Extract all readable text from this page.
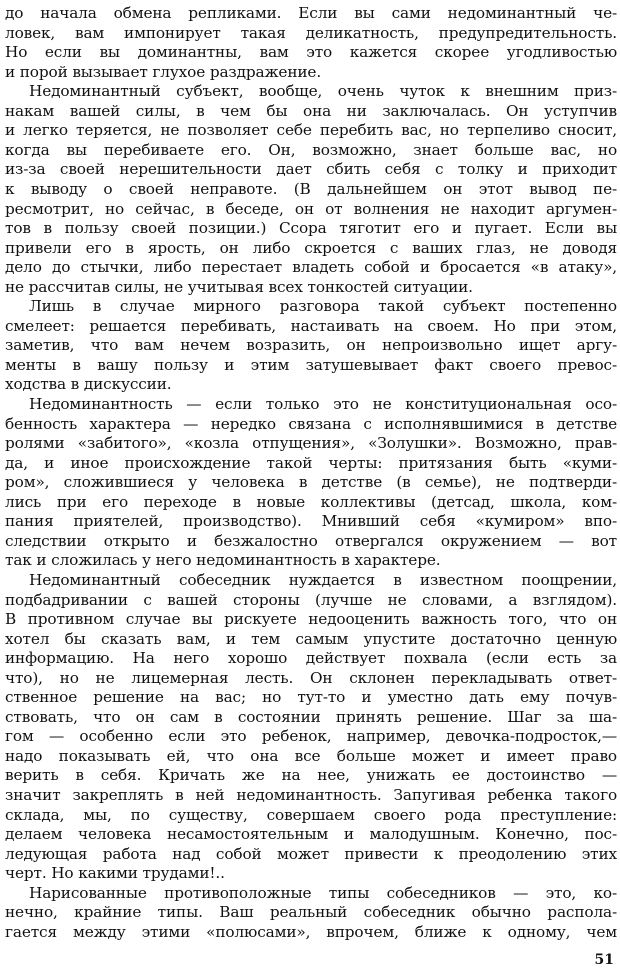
до начала обмена репликами. Если вы сами недоминантный че-
ловек, вам импонирует такая деликатность, предупредительность.
Но если вы доминантны, вам это кажется скорее угодливостью
и порой вызывает глухое раздражение.
Недоминантный субъект, вообще, очень чуток к внешним приз-
накам вашей силы, в чем бы она ни заключалась. Он уступчив
и легко теряется, не позволяет себе перебить вас, но терпеливо сносит,
когда вы перебиваете его. Он, возможно, знает больше вас, но
из-за своей нерешительности дает сбить себя с толку и приходит
к выводу о своей неправоте. (В дальнейшем он этот вывод пе-
ресмотрит, но сейчас, в беседе, он от волнения не находит аргумен-
тов в пользу своей позиции.) Ссора тяготит его и пугает. Если вы
привели его в ярость, он либо скроется с ваших глаз, не доводя
дело до стычки, либо перестает владеть собой и бросается «в атаку»,
не рассчитав силы, не учитывая всех тонкостей ситуации.
Лишь в случае мирного разговора такой субъект постепенно
смелеет: решается перебивать, настаивать на своем. Но при этом,
заметив, что вам нечем возразить, он непроизвольно ищет аргу-
менты в вашу пользу и этим затушевывает факт своего превос-
ходства в дискуссии.
Недоминантность — если только это не конституциональная осо-
бенность характера — нередко связана с исполнявшимися в детстве
ролями «забитого», «козла отпущения», «Золушки». Возможно, прав-
да, и иное происхождение такой черты: притязания быть «куми-
ром», сложившиеся у человека в детстве (в семье), не подтверди-
лись при его переходе в новые коллективы (детсад, школа, ком-
пания приятелей, производство). Мнивший себя «кумиром» впо-
следствии открыто и безжалостно отвергался окружением — вот
так и сложилась у него недоминантность в характере.
Недоминантный собеседник нуждается в известном поощрении,
подбадривании с вашей стороны (лучше не словами, а взглядом).
В противном случае вы рискуете недооценить важность того, что он
хотел бы сказать вам, и тем самым упустите достаточно ценную
информацию. На него хорошо действует похвала (если есть за
что), но не лицемерная лесть. Он склонен перекладывать ответ-
ственное решение на вас; но тут-то и уместно дать ему почув-
ствовать, что он сам в состоянии принять решение. Шаг за ша-
гом — особенно если это ребенок, например, девочка-подросток,—
надо показывать ей, что она все больше может и имеет право
верить в себя. Кричать же на нее, унижать ее достоинство —
значит закреплять в ней недоминантность. Запугивая ребенка такого
склада, мы, по существу, совершаем своего рода преступление:
делаем человека несамостоятельным и малодушным. Конечно, пос-
ледующая работа над собой может привести к преодолению этих
черт. Но какими трудами!..
Нарисованные противоположные типы собеседников — это, ко-
нечно, крайние типы. Ваш реальный собеседник обычно распола-
гается между этими «полюсами», впрочем, ближе к одному, чем
51
